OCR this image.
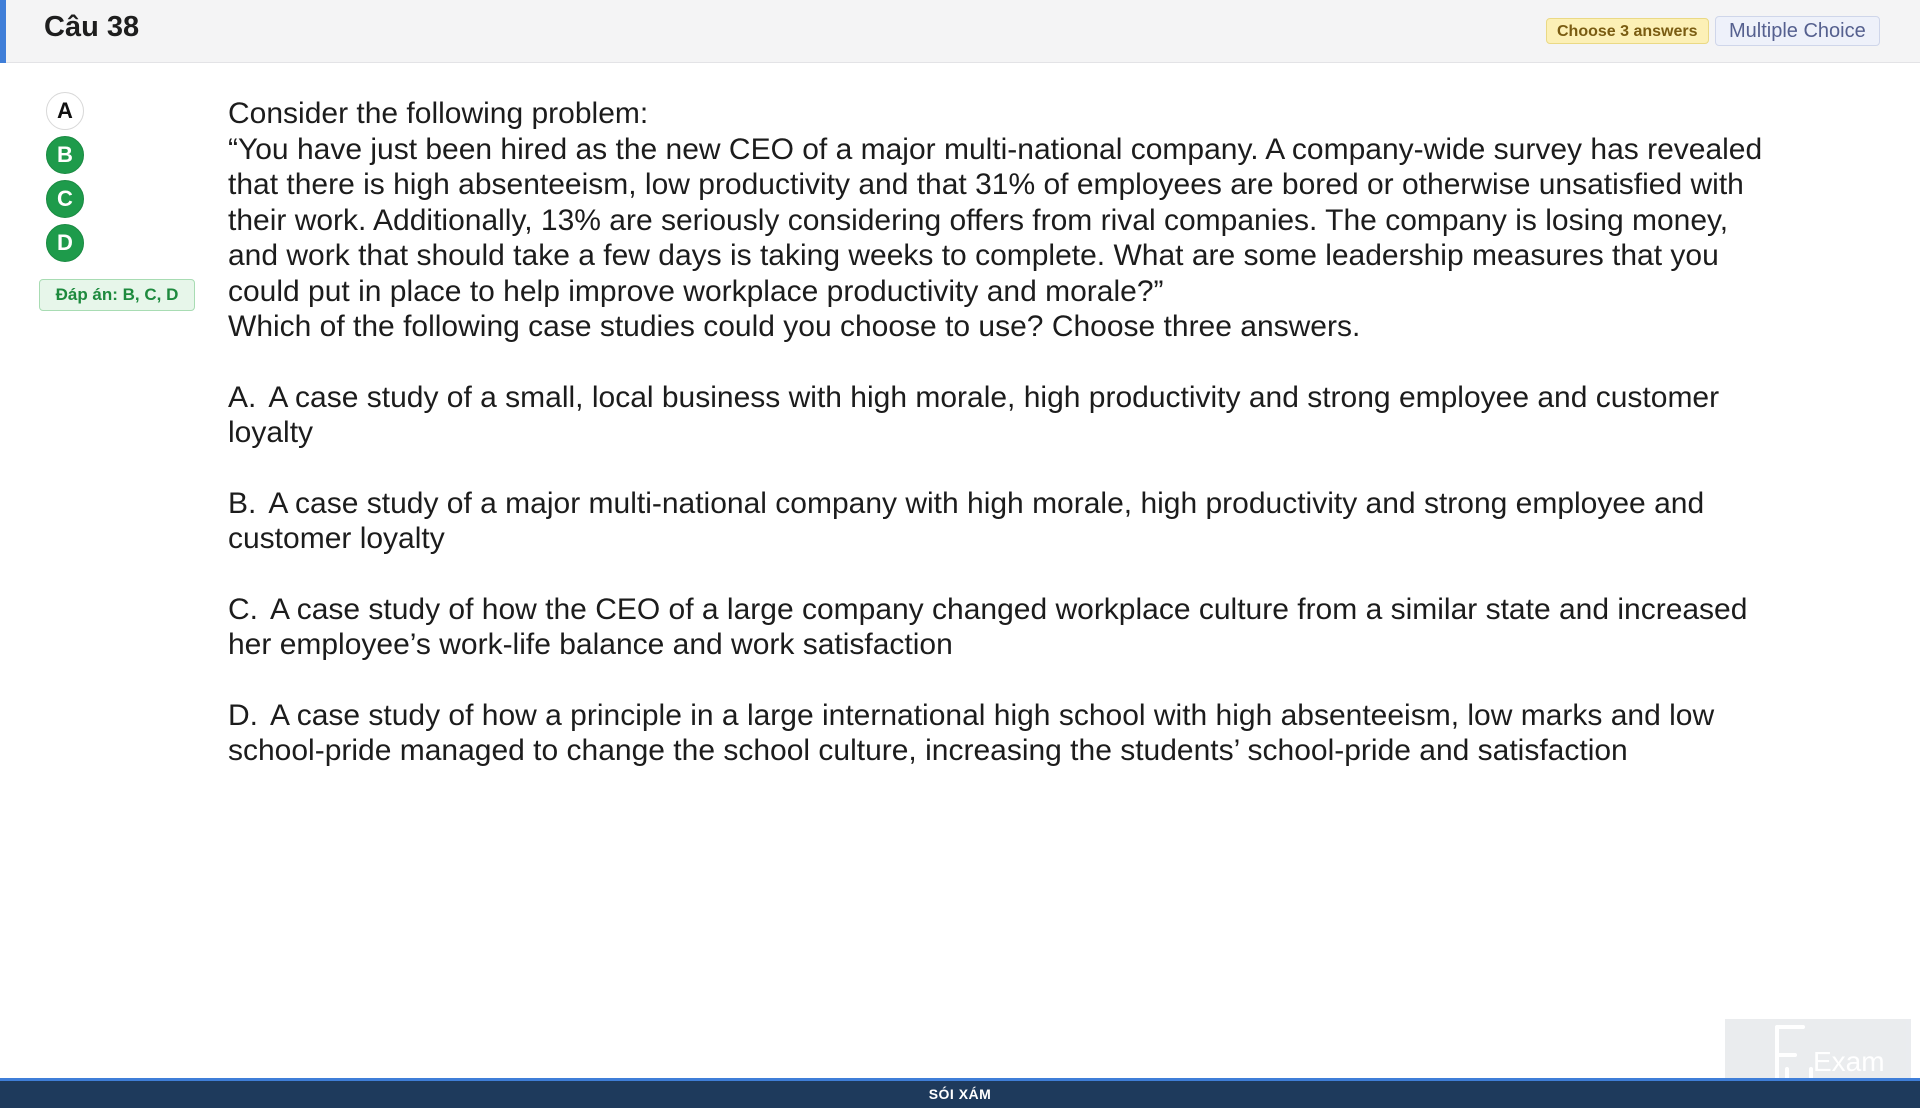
Câu 38	Choose 3 answers	Multiple Choice
A
B
C
D
Đáp án: B, C, D

Consider the following problem:

“You have just been hired as the new CEO of a major multi-national company. A company-wide survey has revealed that there is high absenteeism, low productivity and that 31% of employees are bored or otherwise unsatisfied with their work. Additionally, 13% are seriously considering offers from rival companies. The company is losing money, and work that should take a few days is taking weeks to complete. What are some leadership measures that you could put in place to help improve workplace productivity and morale?”

Which of the following case studies could you choose to use? Choose three answers.

A. A case study of a small, local business with high morale, high productivity and strong employee and customer loyalty

B. A case study of a major multi-national company with high morale, high productivity and strong employee and customer loyalty

C. A case study of how the CEO of a large company changed workplace culture from a similar state and increased her employee’s work-life balance and work satisfaction

D. A case study of how a principle in a large international high school with high absenteeism, low marks and low school-pride managed to change the school culture, increasing the students’ school-pride and satisfaction

Exam
SÓI XÁM
